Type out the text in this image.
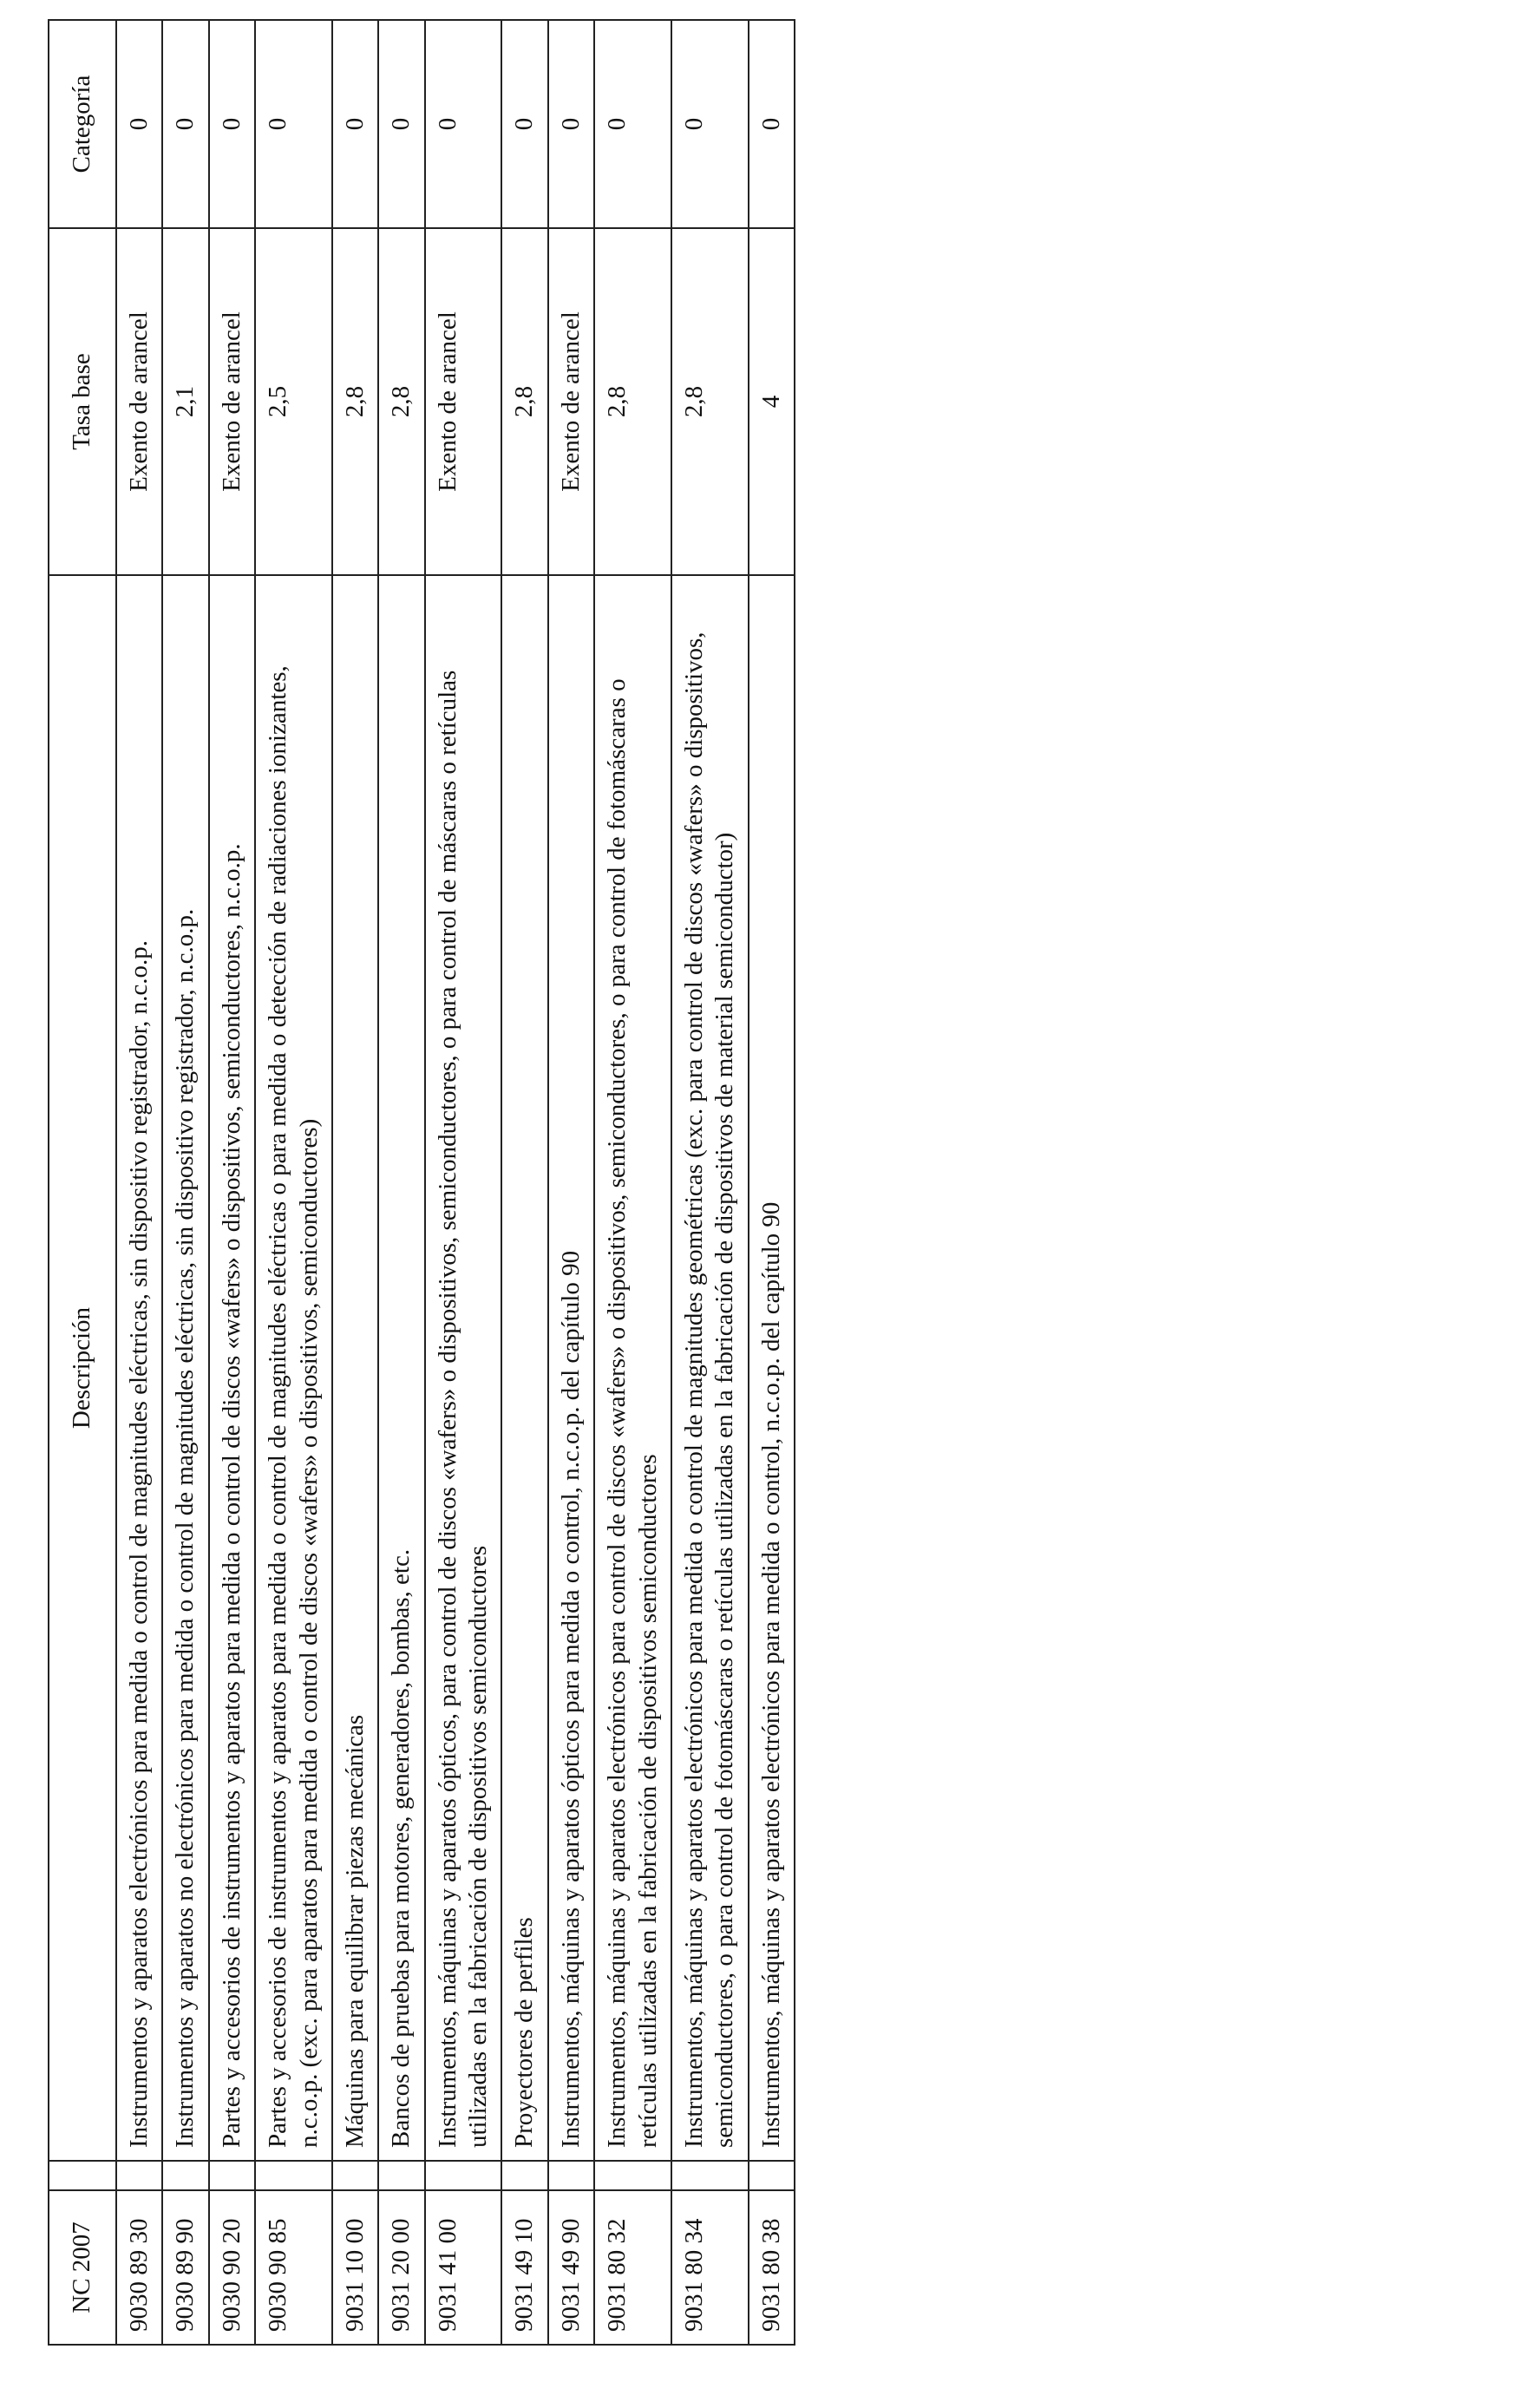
NC 2007		Descripción	Tasa base	Categoría
9030 89 30		Instrumentos y aparatos electrónicos para medida o control de magnitudes eléctricas, sin dispositivo registrador, n.c.o.p.	Exento de arancel	0
9030 89 90		Instrumentos y aparatos no electrónicos para medida o control de magnitudes eléctricas, sin dispositivo registrador, n.c.o.p.	2,1	0
9030 90 20		Partes y accesorios de instrumentos y aparatos para medida o control de discos «wafers» o dispositivos, semiconductores, n.c.o.p.	Exento de arancel	0
9030 90 85		Partes y accesorios de instrumentos y aparatos para medida o control de magnitudes eléctricas o para medida o detección de radiaciones ionizantes, n.c.o.p. (exc. para aparatos para medida o control de discos «wafers» o dispositivos, semiconductores)	2,5	0
9031 10 00		Máquinas para equilibrar piezas mecánicas	2,8	0
9031 20 00		Bancos de pruebas para motores, generadores, bombas, etc.	2,8	0
9031 41 00		Instrumentos, máquinas y aparatos ópticos, para control de discos «wafers» o dispositivos, semiconductores, o para control de máscaras o retículas utilizadas en la fabricación de dispositivos semiconductores	Exento de arancel	0
9031 49 10		Proyectores de perfiles	2,8	0
9031 49 90		Instrumentos, máquinas y aparatos ópticos para medida o control, n.c.o.p. del capítulo 90	Exento de arancel	0
9031 80 32		Instrumentos, máquinas y aparatos electrónicos para control de discos «wafers» o dispositivos, semiconductores, o para control de fotomáscaras o retículas utilizadas en la fabricación de dispositivos semiconductores	2,8	0
9031 80 34		Instrumentos, máquinas y aparatos electrónicos para medida o control de magnitudes geométricas (exc. para control de discos «wafers» o dispositivos, semiconductores, o para control de fotomáscaras o retículas utilizadas en la fabricación de dispositivos de material semiconductor)	2,8	0
9031 80 38		Instrumentos, máquinas y aparatos electrónicos para medida o control, n.c.o.p. del capítulo 90	4	0
